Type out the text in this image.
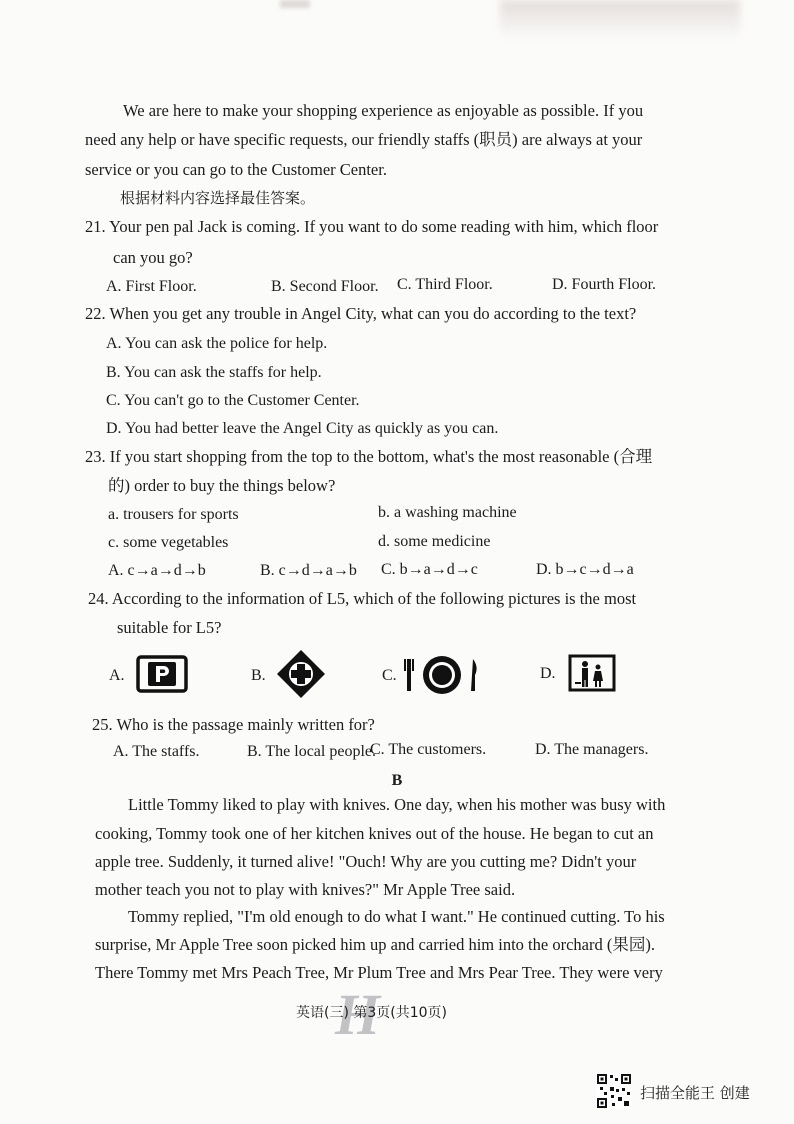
We are here to make your shopping experience as enjoyable as possible. If you
need any help or have specific requests, our friendly staffs (职员) are always at your
service or you can go to the Customer Center.
根据材料内容选择最佳答案。
21. Your pen pal Jack is coming. If you want to do some reading with him, which floor
can you go?
A. First Floor.	B. Second Floor. C. Third Floor.	D. Fourth Floor.
22. When you get any trouble in Angel City, what can you do according to the text?
A. You can ask the police for help.
B. You can ask the staffs for help.
C. You can't go to the Customer Center.
D. You had better leave the Angel City as quickly as you can.
23. If you start shopping from the top to the bottom, what's the most reasonable (合理
的) order to buy the things below?
a. trousers for sports	b. a washing machine
c. some vegetables	d. some medicine
A. c→a→d→b	B. c→d→a→b C. b→a→d→c	D. b→c→d→a
24. According to the information of L5, which of the following pictures is the most
suitable for L5?
A.	B.	C.	D.
25. Who is the passage mainly written for?
A. The staffs.	B. The local people.
C. The customers.	D. The managers.
B
Little Tommy liked to play with knives. One day, when his mother was busy with
cooking, Tommy took one of her kitchen knives out of the house. He began to cut an
apple tree. Suddenly, it turned alive! "Ouch! Why are you cutting me? Didn't your
mother teach you not to play with knives?" Mr Apple Tree said.
Tommy replied, "I'm old enough to do what I want." He continued cutting. To his
surprise, Mr Apple Tree soon picked him up and carried him into the orchard (果园).
There Tommy met Mrs Peach Tree, Mr Plum Tree and Mrs Pear Tree. They were very
H
英语(三) 第3页(共10页)
扫描全能王 创建
